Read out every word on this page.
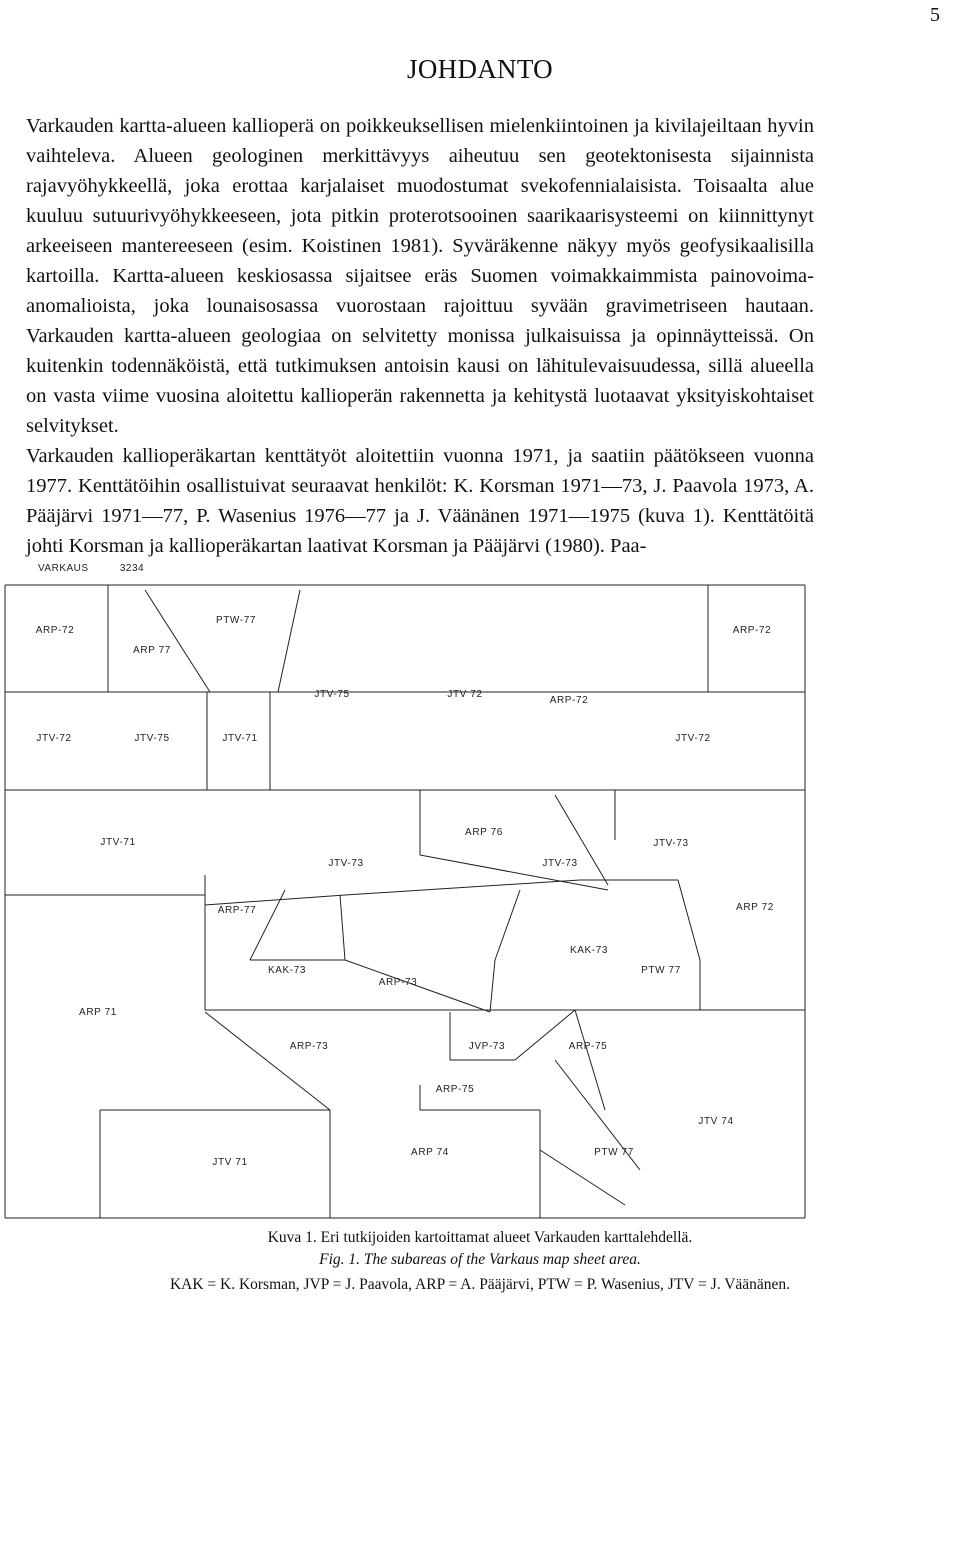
5
JOHDANTO

Varkauden kartta-alueen kallioperä on poikkeuksellisen mielenkiintoinen ja kivilajeiltaan hyvin vaihteleva. Alueen geologinen merkittävyys aiheutuu sen geotektonisesta sijainnista rajavyöhykkeellä, joka erottaa karjalaiset muodostumat svekofennialaisista. Toisaalta alue kuuluu sutuurivyöhykkeeseen, jota pitkin proterotsooinen saarikaarisysteemi on kiinnittynyt arkeeiseen mantereeseen (esim. Koistinen 1981). Syväräkenne näkyy myös geofysikaalisilla kartoilla. Kartta-alueen keskiosassa sijaitsee eräs Suomen voimakkaimmista painovoima-anomalioista, joka lounaisosassa vuorostaan rajoittuu syvään gravimetriseen hautaan. Varkauden kartta-alueen geologiaa on selvitetty monissa julkaisuissa ja opinnäytteissä. On kuitenkin todennäköistä, että tutkimuksen antoisin kausi on lähitulevaisuudessa, sillä alueella on vasta viime vuosina aloitettu kallioperän rakennetta ja kehitystä luotaavat yksityiskohtaiset selvitykset.

Varkauden kallioperäkartan kenttätyöt aloitettiin vuonna 1971, ja saatiin päätökseen vuonna 1977. Kenttätöihin osallistuivat seuraavat henkilöt: K. Korsman 1971—73, J. Paavola 1973, A. Pääjärvi 1971—77, P. Wasenius 1976—77 ja J. Väänänen 1971—1975 (kuva 1). Kenttätöitä johti Korsman ja kallioperäkartan laativat Korsman ja Pääjärvi (1980). Paa-

VARKAUS	3234
ARP-72
PTW-77
ARP 77
ARP-72
JTV-75	JTV 72
ARP-72
JTV-72	JTV-75	JTV-71	JTV-72
JTV-71
ARP 76
JTV-73
JTV-73	JTV-73
ARP-77	ARP 72
KAK-73
KAK-73
ARP-73
PTW 77
ARP 71
ARP-73	JVP-73	ARP-75
ARP-75
JTV 74
ARP 74	PTW 77
JTV 71
Kuva 1. Eri tutkijoiden kartoittamat alueet Varkauden karttalehdellä.
Fig. 1. The subareas of the Varkaus map sheet area.
KAK = K. Korsman, JVP = J. Paavola, ARP = A. Pääjärvi, PTW = P. Wasenius, JTV = J. Väänänen.
